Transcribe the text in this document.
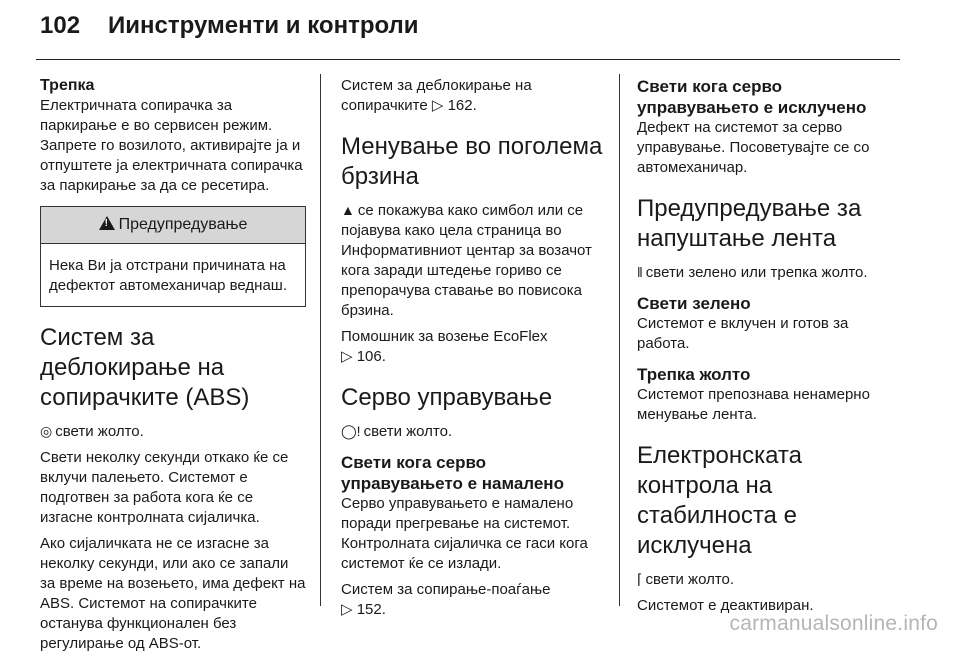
102 Иинструменти и контроли

Трепка

Електричната сопирачка за паркирање е во сервисен режим. Запрете го возилото, активирајте ја и отпуштете ја електричната сопирачка за паркирање за да се ресетира.

!Предупредување
Нека Ви ја отстрани причината на дефектот автомеханичар веднаш.
Систем за деблокирање на сопирачките (ABS)

◎ свети жолто.

Свети неколку секунди откако ќе се вклучи палењето. Системот е подготвен за работа кога ќе се изгасне контролната сијаличка.

Ако сијаличката не се изгасне за неколку секунди, или ако се запали за време на возењето, има дефект на ABS. Системот на сопирачките останува функционален без регулирање од ABS-от.

Систем за деблокирање на сопирачките ▷ 162.

Менување во поголема брзина

▲ се покажува како симбол или се појавува како цела страница во Информативниот центар за возачот кога заради штедење гориво се препорачува ставање во повисока брзина.

Помошник за возење EcoFlex
▷ 106.

Серво управување

◯! свети жолто.

Свети кога серво управувањето е намалено

Серво управувањето е намалено поради прегревање на системот. Контролната сијаличка се гаси кога системот ќе се излади.

Систем за сопирање-поаѓање
▷ 152.

Свети кога серво управувањето е исклучено

Дефект на системот за серво управување. Посоветувајте се со автомеханичар.

Предупредување за напуштање лента

‖ свети зелено или трепка жолто.

Свети зелено

Системот е вклучен и готов за работа.

Трепка жолто

Системот препознава ненамерно менување лента.

Електронската контрола на стабилноста е исклучена

⌈ свети жолто.

Системот е деактивиран.

carmanualsonline.info
